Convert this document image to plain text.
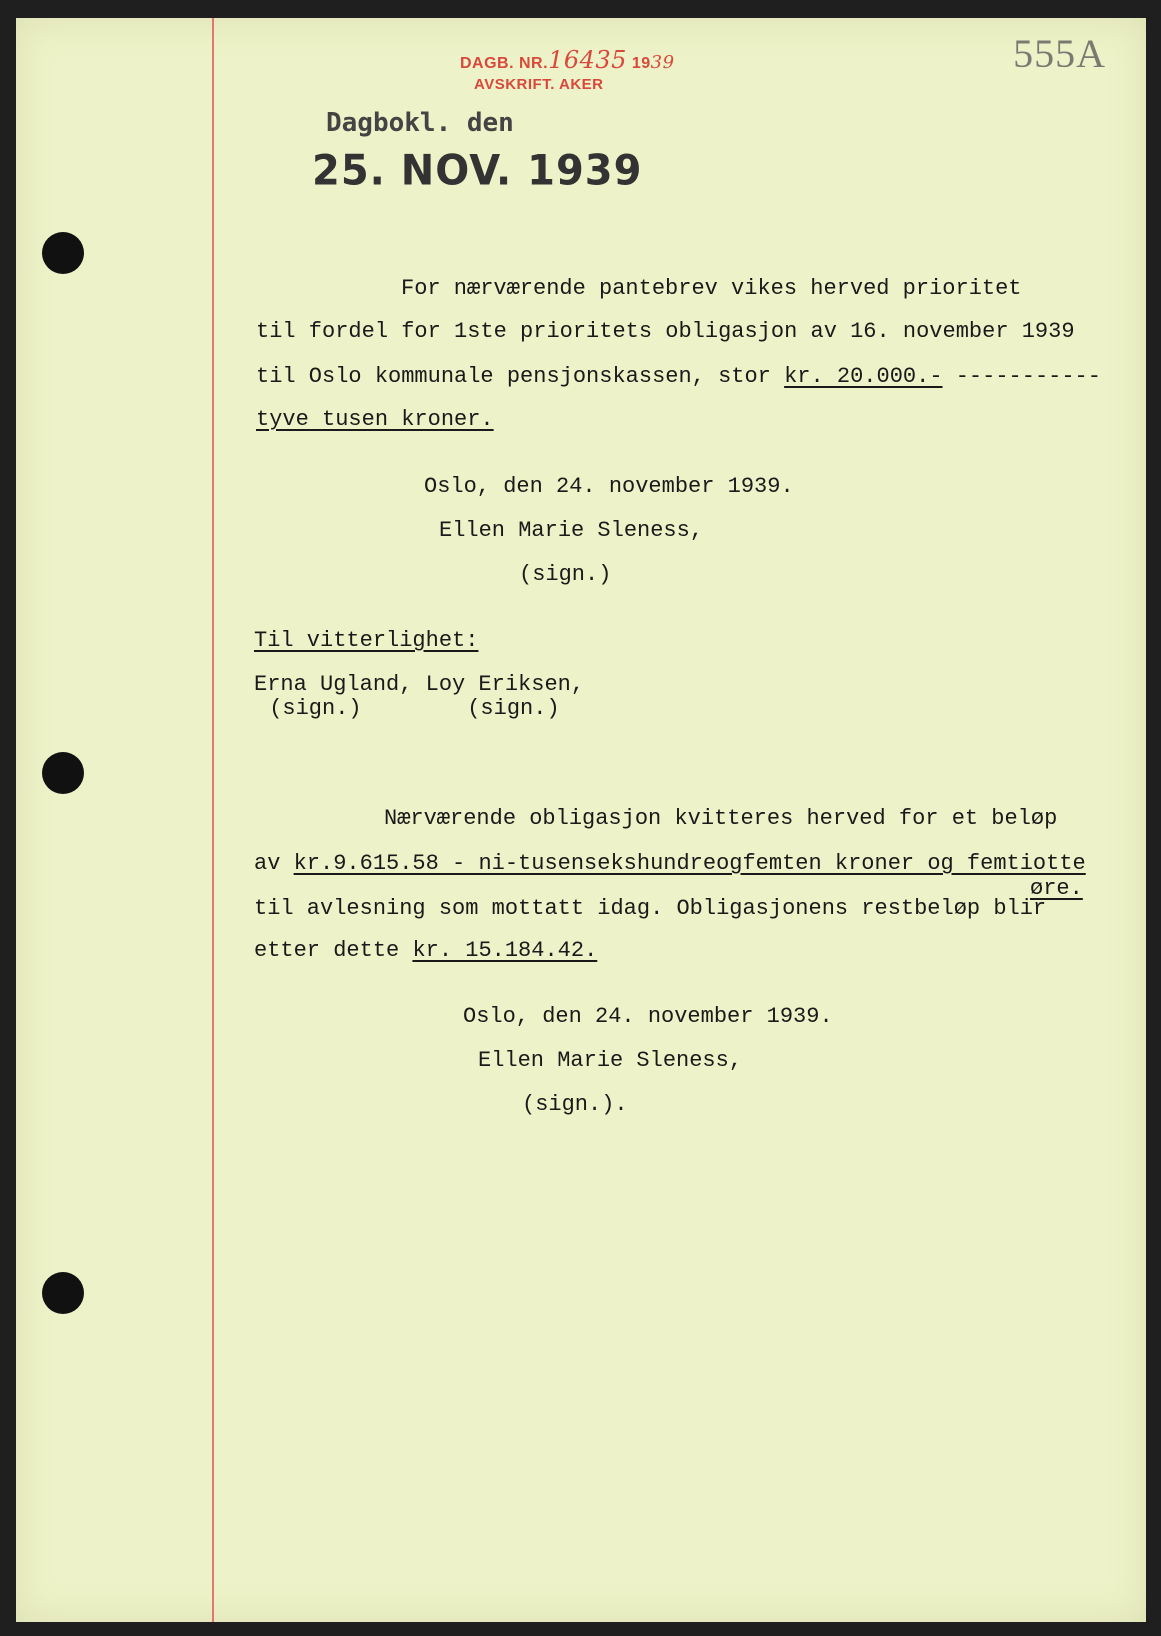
DAGB. NR.16435 1939
AVSKRIFT. AKER
555A
Dagbokl. den
25. NOV. 1939
For nærværende pantebrev vikes herved prioritet
til fordel for 1ste prioritets obligasjon av 16. november 1939
til Oslo kommunale pensjonskassen, stor kr. 20.000.- -----------
tyve tusen kroner.
Oslo, den 24. november 1939.
Ellen Marie Sleness,
(sign.)
Til vitterlighet:
Erna Ugland, Loy Eriksen,
(sign.)        (sign.)
Nærværende obligasjon kvitteres herved for et beløp
av kr.9.615.58 - ni-tusensekshundreogfemten kroner og femtiotte
øre.
til avlesning som mottatt idag. Obligasjonens restbeløp blir
etter dette kr. 15.184.42.
Oslo, den 24. november 1939.
Ellen Marie Sleness,
(sign.).
